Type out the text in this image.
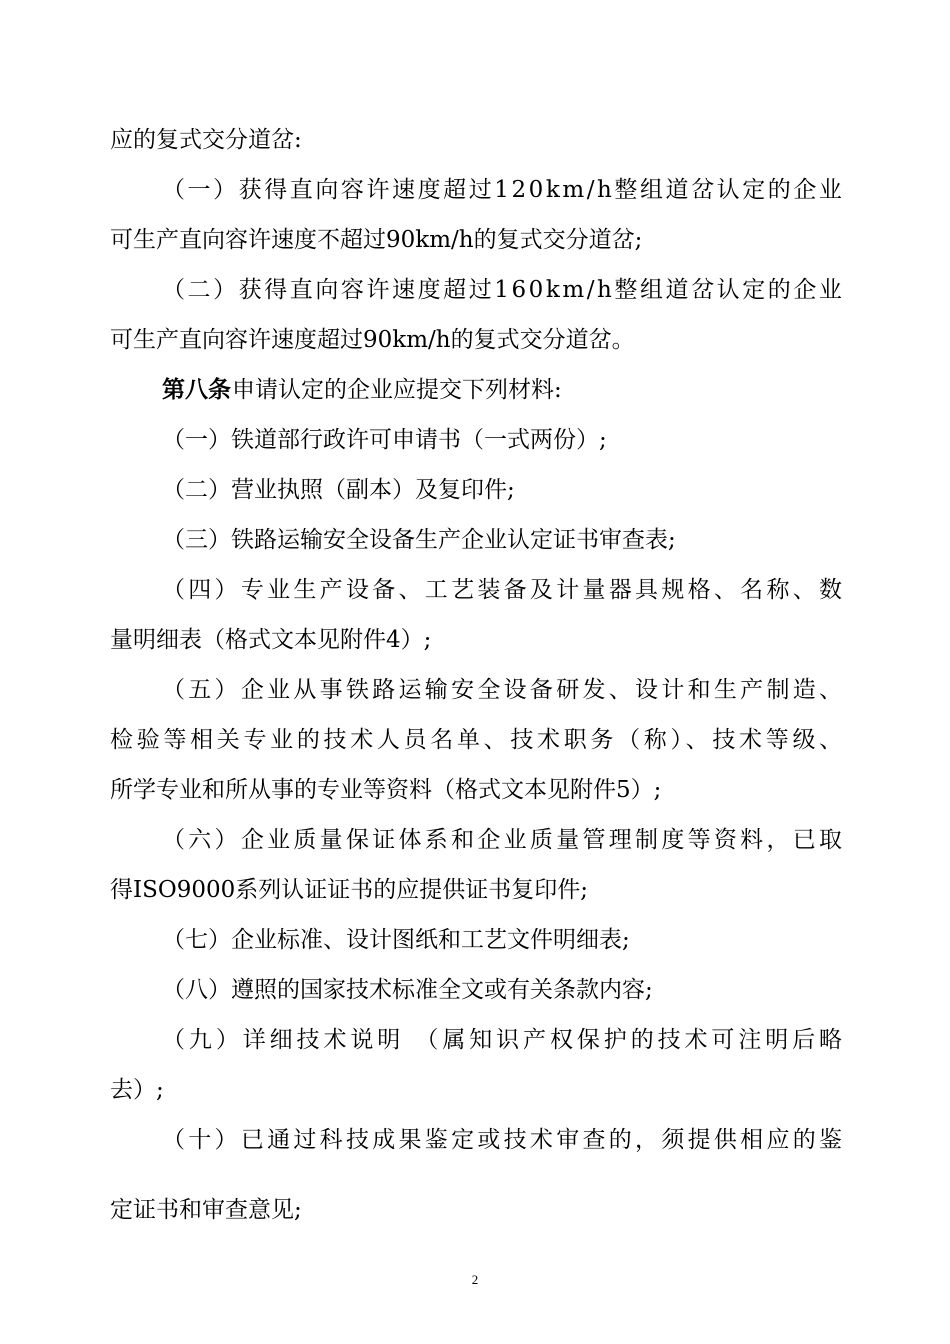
应的复式交分道岔:
（一）获得直向容许速度超过120km/h整组道岔认定的企业
可生产直向容许速度不超过90km/h的复式交分道岔;
（二）获得直向容许速度超过160km/h整组道岔认定的企业
可生产直向容许速度超过90km/h的复式交分道岔。
第八条 申请认定的企业应提交下列材料:
（一）铁道部行政许可申请书（一式两份）;
（二）营业执照（副本）及复印件;
（三）铁路运输安全设备生产企业认定证书审查表;
（四）专业生产设备、工艺装备及计量器具规格、名称、数
量明细表（格式文本见附件4）;
（五）企业从事铁路运输安全设备研发、设计和生产制造、
检验等相关专业的技术人员名单、技术职务（称）、技术等级、
所学专业和所从事的专业等资料（格式文本见附件5）;
（六）企业质量保证体系和企业质量管理制度等资料，已取
得ISO9000系列认证证书的应提供证书复印件;
（七）企业标准、设计图纸和工艺文件明细表;
（八）遵照的国家技术标准全文或有关条款内容;
（九）详细技术说明 （属知识产权保护的技术可注明后略
去）;
（十）已通过科技成果鉴定或技术审查的，须提供相应的鉴
定证书和审查意见;
2
